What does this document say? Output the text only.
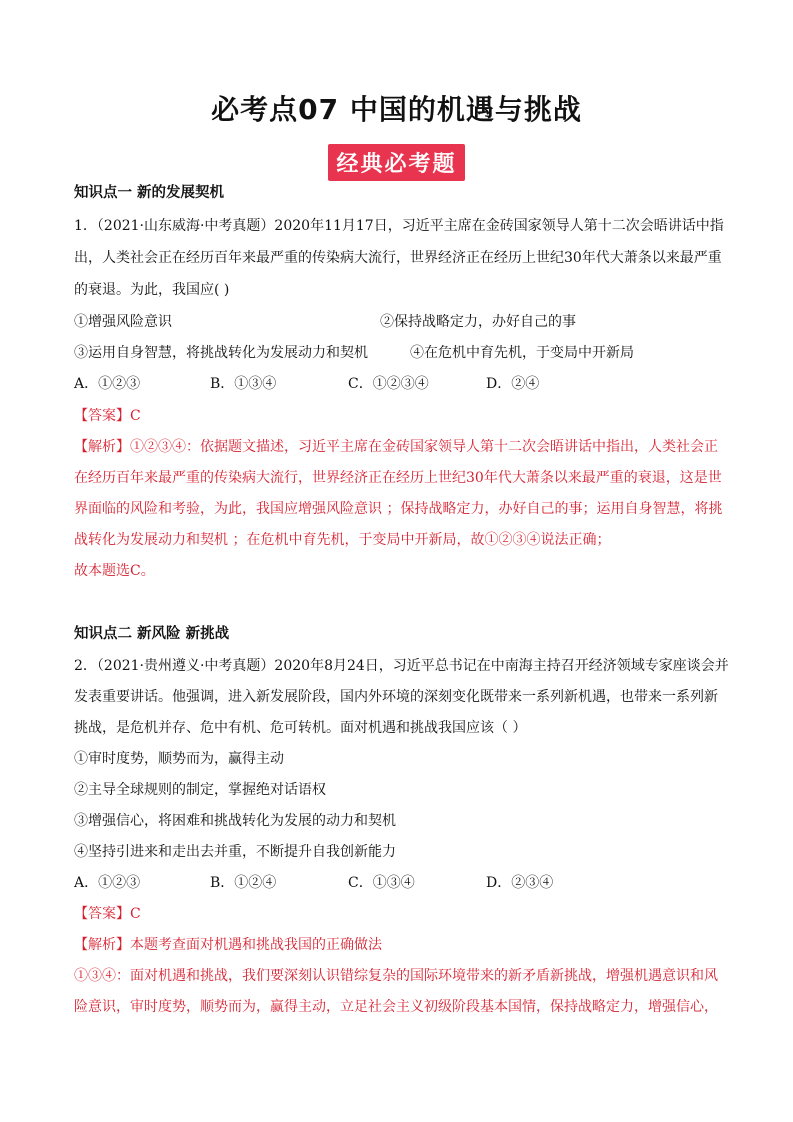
必考点07 中国的机遇与挑战
经典必考题
知识点一 新的发展契机
1．（2021·山东威海·中考真题）2020年11月17日，习近平主席在金砖国家领导人第十二次会晤讲话中指
出，人类社会正在经历百年来最严重的传染病大流行，世界经济正在经历上世纪30年代大萧条以来最严重
的衰退。为此，我国应( )
①增强风险意识	②保持战略定力，办好自己的事
③运用自身智慧，将挑战转化为发展动力和契机	④在危机中育先机，于变局中开新局
A．①②③	B．①③④	C．①②③④	D．②④
【答案】C
【解析】①②③④：依据题文描述，习近平主席在金砖国家领导人第十二次会晤讲话中指出，人类社会正
在经历百年来最严重的传染病大流行，世界经济正在经历上世纪30年代大萧条以来最严重的衰退，这是世
界面临的风险和考验，为此，我国应增强风险意识 ；保持战略定力，办好自己的事；运用自身智慧，将挑
战转化为发展动力和契机 ；在危机中育先机，于变局中开新局，故①②③④说法正确；
故本题选C。
知识点二 新风险 新挑战
2．（2021·贵州遵义·中考真题）2020年8月24日，习近平总书记在中南海主持召开经济领域专家座谈会并
发表重要讲话。他强调，进入新发展阶段，国内外环境的深刻变化既带来一系列新机遇，也带来一系列新
挑战，是危机并存、危中有机、危可转机。面对机遇和挑战我国应该（ ）
①审时度势，顺势而为，赢得主动
②主导全球规则的制定，掌握绝对话语权
③增强信心，将困难和挑战转化为发展的动力和契机
④坚持引进来和走出去并重，不断提升自我创新能力
A．①②③	B．①②④	C．①③④	D．②③④
【答案】C
【解析】本题考查面对机遇和挑战我国的正确做法
①③④：面对机遇和挑战，我们要深刻认识错综复杂的国际环境带来的新矛盾新挑战，增强机遇意识和风
险意识，审时度势，顺势而为，赢得主动，立足社会主义初级阶段基本国情，保持战略定力，增强信心，
